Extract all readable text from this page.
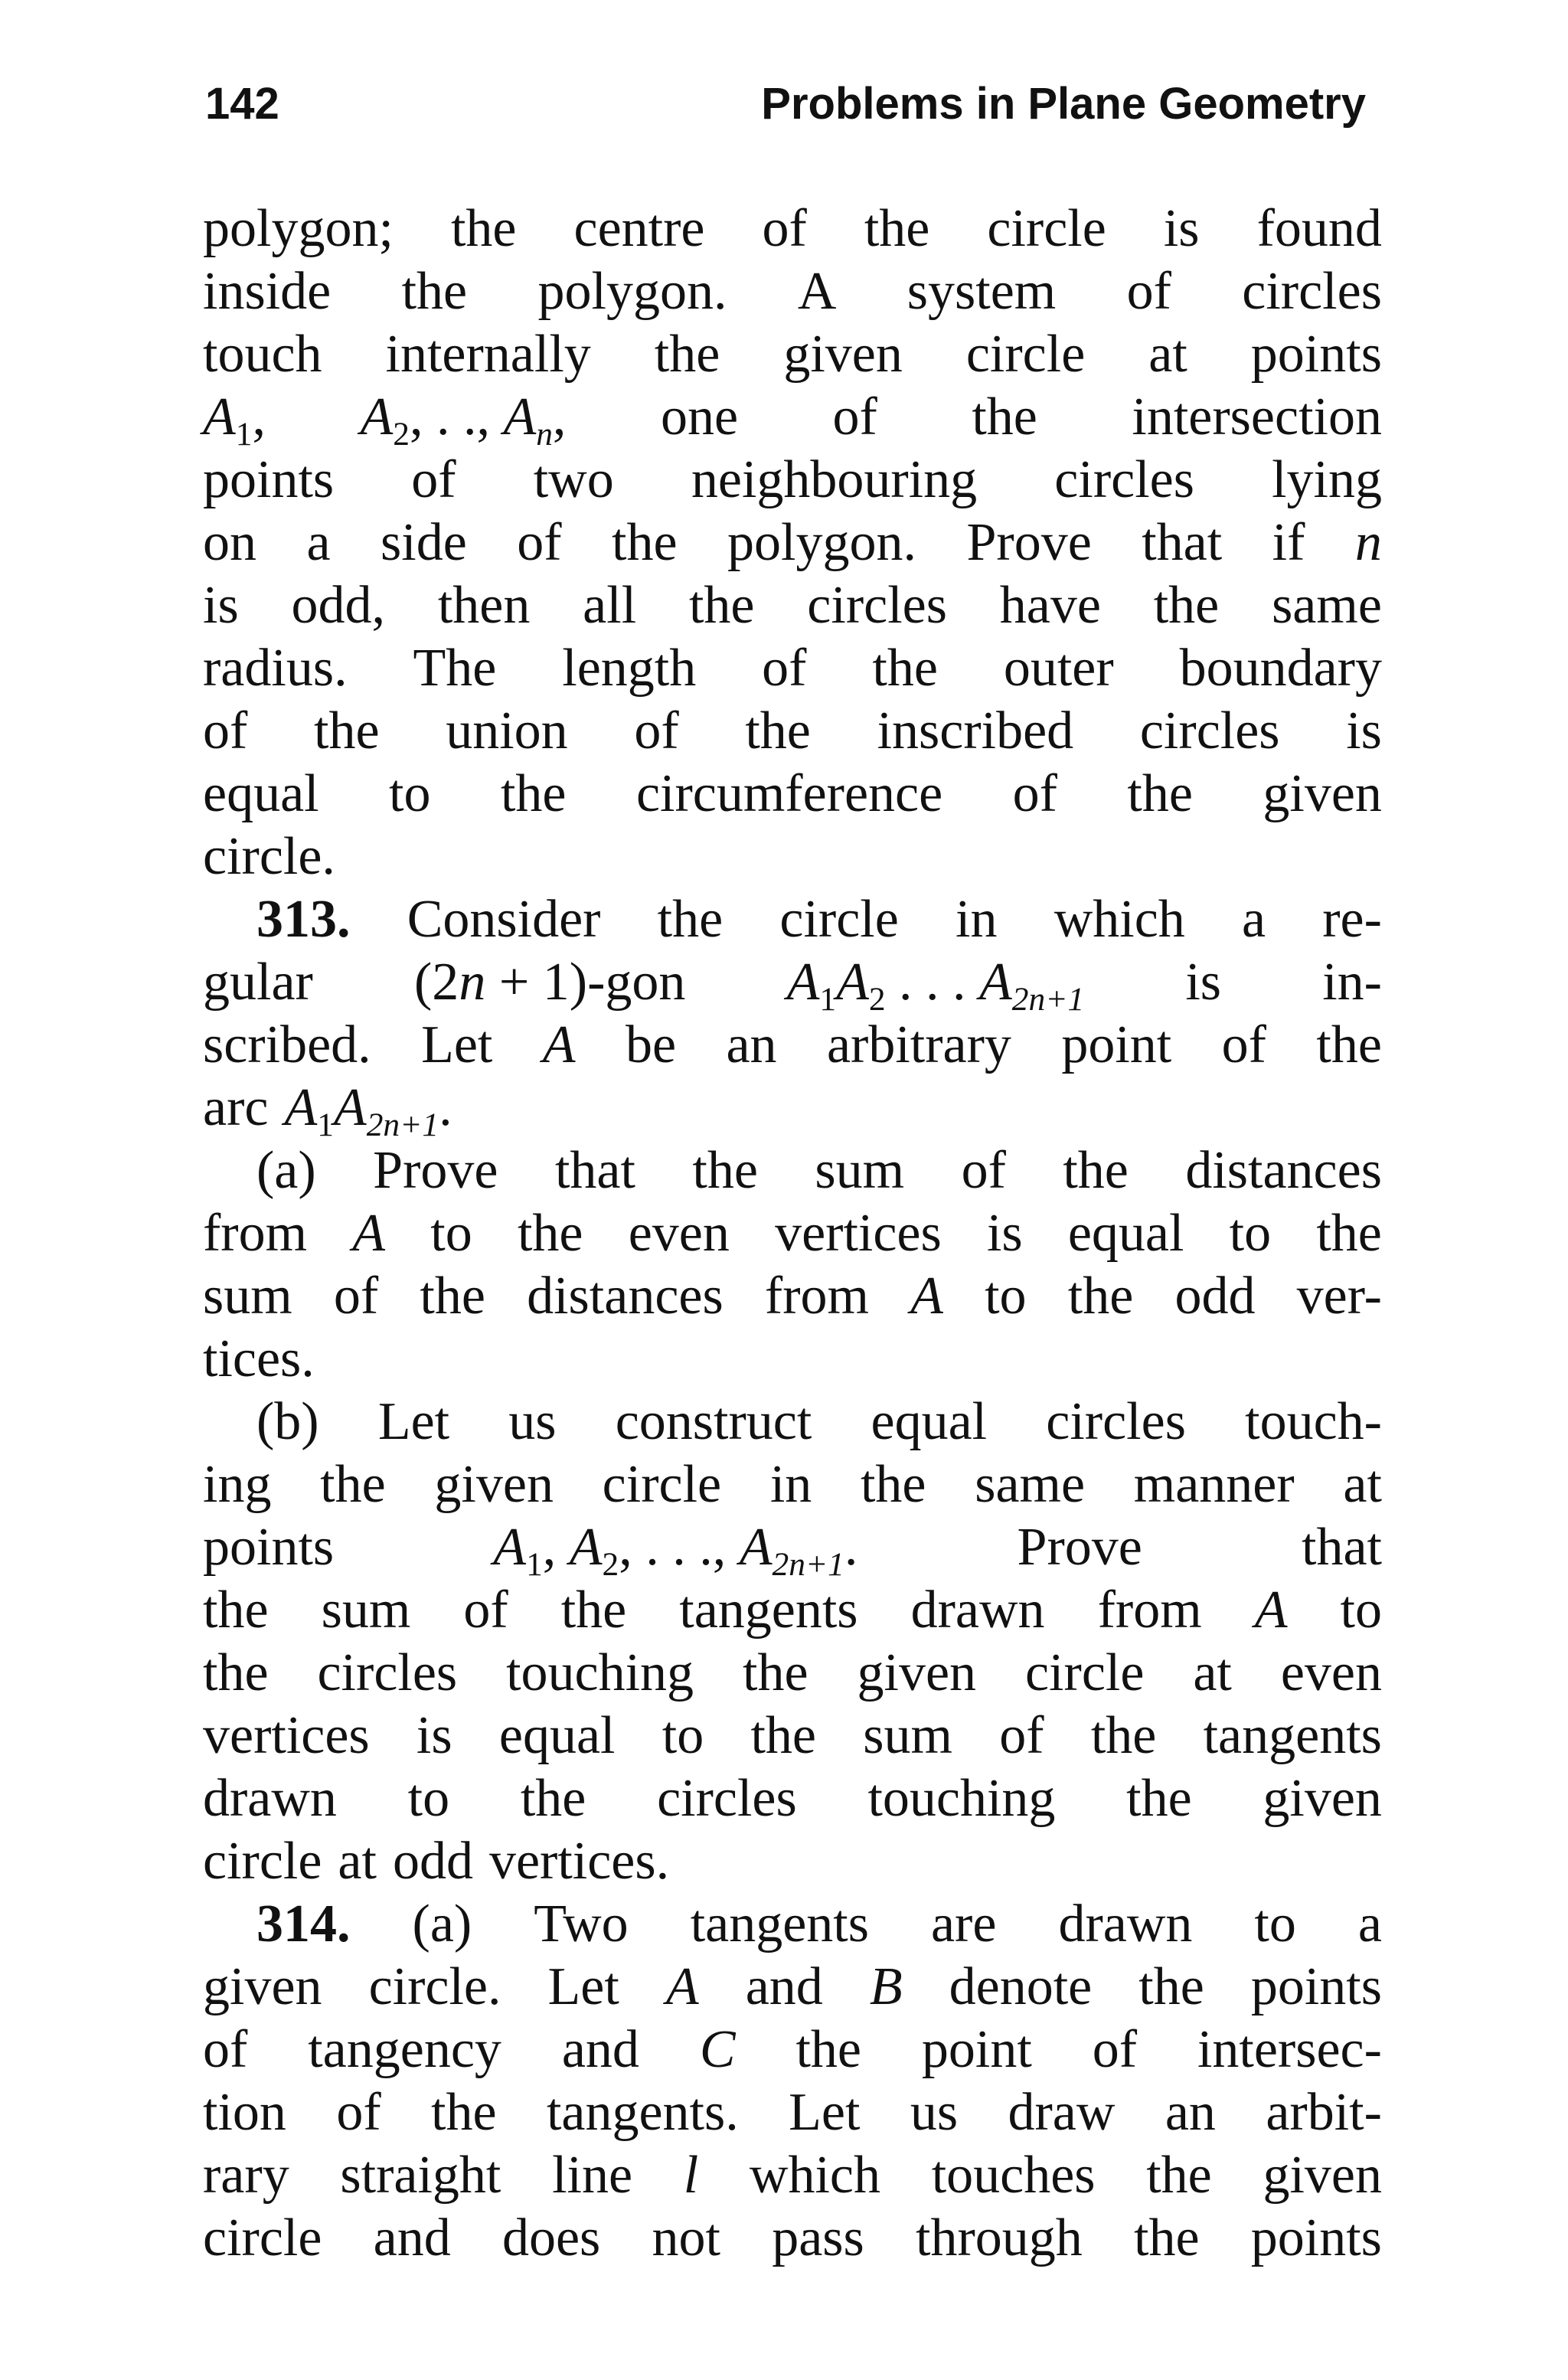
142	Problems in Plane Geometry
polygon; the centre of the circle is found
inside the polygon. A system of circles
touch internally the given circle at points
$A_1$, $A_2$, . ., $A_n$, one of the intersection
points of two neighbouring circles lying
on a side of the polygon. Prove that if n
is odd, then all the circles have the same
radius. The length of the outer boundary
of the union of the inscribed circles is
equal to the circumference of the given
circle.
313. Consider the circle in which a re-
gular (2n + 1)-gon $A_1A_2$ . . . $A_{2n+1}$ is in-
scribed. Let A be an arbitrary point of the
arc $A_1A_{2n+1}$.
(a) Prove that the sum of the distances
from A to the even vertices is equal to the
sum of the distances from A to the odd ver-
tices.
(b) Let us construct equal circles touch-
ing the given circle in the same manner at
points	$A_1$, $A_2$, . . ., $A_{2n+1}$.	Prove	that
the sum of the tangents drawn from A to
the circles touching the given circle at even
vertices is equal to the sum of the tangents
drawn to the circles touching the given
circle at odd vertices.
314. (a) Two tangents are drawn to a
given circle. Let A and B denote the points
of tangency and C the point of intersec-
tion of the tangents. Let us draw an arbit-
rary straight line l which touches the given
circle and does not pass through the points
